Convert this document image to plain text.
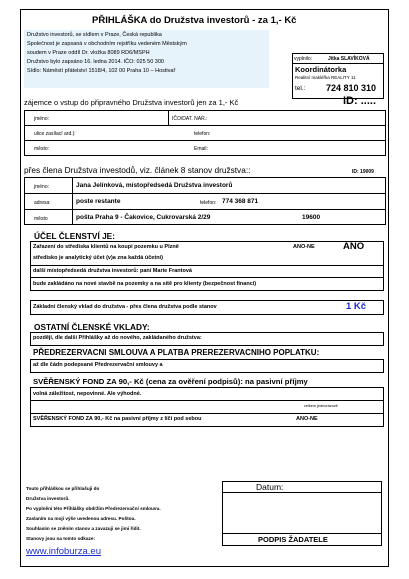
PŘIHLÁŠKA do Družstva investorů - za 1,- Kč
Družstvo investorů, se sídlem v Praze, Česká republika
Společnost je zapsaná v obchodním rejstříku vedeném Městským
soudem v Praze oddíl Dr. vložka 8089 RD6/MSPH
Družstvo bylo zapsáno 16. ledna 2014. IČO: 025 50 300
Sídlo: Náměstí přátelství 1518/4, 102 00 Praha 10 – Hostivař
vyplnilo:	Jitka SLAVÍKOVÁ
Koordinátorka
Realitní makléřka REALITY 11
tel.: 724 810 310
zájemce o vstup do připravného Družstva investorů jen za 1,- Kč	ID: .....
jméno:	IČO/DAT. NAR.:
ulice zasílací ard.):	telefon:
město:	Email:
přes člena Družstva investodů, viz. článek 8 stanov družstva::	ID: 19009
jméno:	Jana Jelínková, místopředsedá Družstva investorů
adresa:	poste restante	telefon: 774 368 871
město	pošta Praha 9 - Čakovice, Cukrovarská 2/29	19600
ÚČEL ČLENSTVÍ JE:
Zařazení do střediska klientů na koupi pozemku u Plzně
středisko je analytický účet (v)a zna každá účetní)
ANO-NE	ANO
další místopředsedá družstva investorů: paní Marie Frantová
bude zakládáno na nové stavbě na pozemky a na sítě pro klienty (bezpečnost financí)
Základní členský vklad do družstva - přes člena družstva podle stanov	1 Kč
OSTATNÍ ČLENSKÉ VKLADY:
později, dle další Přihlášky až do nového, zakládaného družstva:
PŘEDREZERVACNI SMLOUVA A PLATBA PREREZERVACNIHO POPLATKU:
až dle čádn podepsané Předrezervační smlouvy a
SVĚŘENSKÝ FOND ZA 90,- Kč (cena za ověření podpisů): na pasivní příjmy
volná záležitost, nepovinné. Ale výhodné.
celkem jednorázově
SVĚŘENSKÝ FOND ZA 90,- Kč na pasivní příjmy z líčí pod sebou	ANO-NE
Touto přihláškou se přihlašuji do
Družstva investorů.
Po vyplnění této Přihlášky obdržím Předrezervační smlouvu.
Zaslaním na mojí výše uvedenou adresu. Poštou.
Souhlasím se zněním stanov a zavazuji se jimi řídit.
Stanovy jsou na tomto odkaze:
www.infoburza.eu
Datum:
PODPIS ŽADATELE
